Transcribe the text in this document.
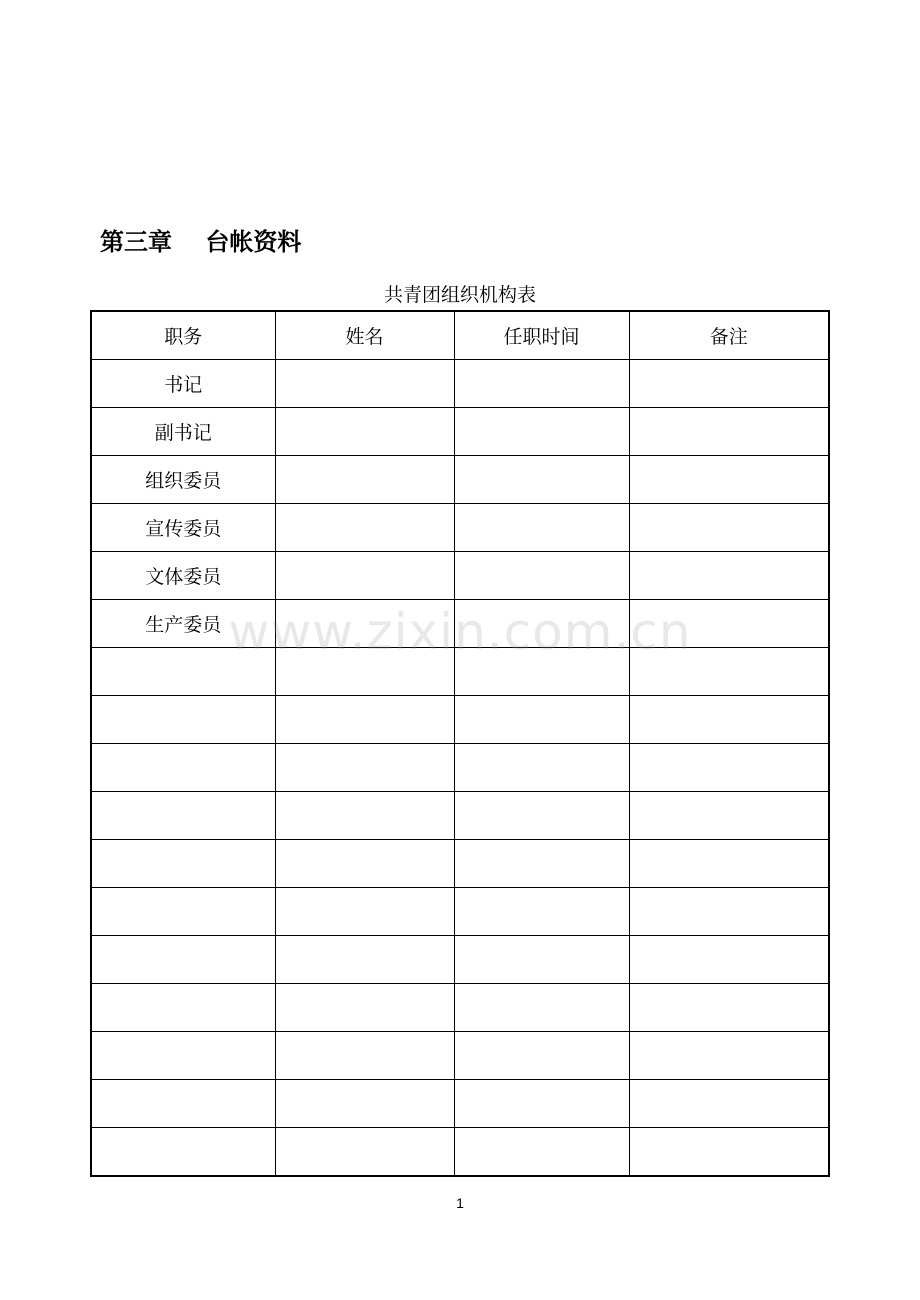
第三章    台帐资料

共青团组织机构表

职务	姓名	任职时间	备注
书记			
副书记			
组织委员			
宣传委员			
文体委员			
生产委员			

			www.zixin.com.cn

1
